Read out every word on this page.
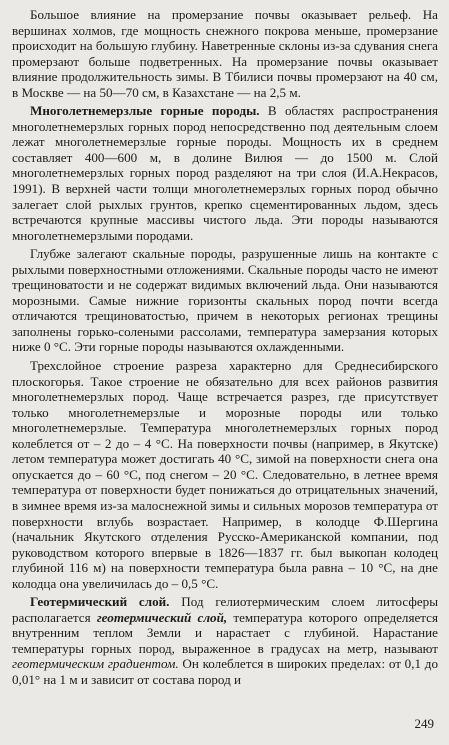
Большое влияние на промерзание почвы оказывает рельеф. На вершинах холмов, где мощность снежного покрова меньше, промерзание происходит на большую глубину. Наветренные склоны из-за сдувания снега промерзают больше подветренных. На промерзание почвы оказывает влияние продолжительность зимы. В Тбилиси почвы промерзают на 40 см, в Москве — на 50—70 см, в Казахстане — на 2,5 м.

Многолетнемерзлые горные породы. В областях распространения многолетнемерзлых горных пород непосредственно под деятельным слоем лежат многолетнемерзлые горные породы. Мощность их в среднем составляет 400—600 м, в долине Вилюя — до 1500 м. Слой многолетнемерзлых горных пород разделяют на три слоя (И.А.Некрасов, 1991). В верхней части толщи многолетнемерзлых горных пород обычно залегает слой рыхлых грунтов, крепко сцементированных льдом, здесь встречаются крупные массивы чистого льда. Эти породы называются многолетнемерзлыми породами.

Глубже залегают скальные породы, разрушенные лишь на контакте с рыхлыми поверхностными отложениями. Скальные породы часто не имеют трещиноватости и не содержат видимых включений льда. Они называются морозными. Самые нижние горизонты скальных пород почти всегда отличаются трещиноватостью, причем в некоторых регионах трещины заполнены горько-солеными рассолами, температура замерзания которых ниже 0 °С. Эти горные породы называются охлажденными.

Трехслойное строение разреза характерно для Среднесибирского плоскогорья. Такое строение не обязательно для всех районов развития многолетнемерзлых пород. Чаще встречается разрез, где присутствует только многолетнемерзлые и морозные породы или только многолетнемерзлые. Температура многолетнемерзлых горных пород колеблется от – 2 до – 4 °С. На поверхности почвы (например, в Якутске) летом температура может достигать 40 °С, зимой на поверхности снега она опускается до – 60 °С, под снегом – 20 °С. Следовательно, в летнее время температура от поверхности будет понижаться до отрицательных значений, в зимнее время из-за малоснежной зимы и сильных морозов температура от поверхности вглубь возрастает. Например, в колодце Ф.Шергина (начальник Якутского отделения Русско-Американской компании, под руководством которого впервые в 1826—1837 гг. был выкопан колодец глубиной 116 м) на поверхности температура была равна – 10 °С, на дне колодца она увеличилась до – 0,5 °С.

Геотермический слой. Под гелиотермическим слоем литосферы располагается геотермический слой, температура которого определяется внутренним теплом Земли и нарастает с глубиной. Нарастание температуры горных пород, выраженное в градусах на метр, называют геотермическим градиентом. Он колеблется в широких пределах: от 0,1 до 0,01° на 1 м и зависит от состава пород и

249
